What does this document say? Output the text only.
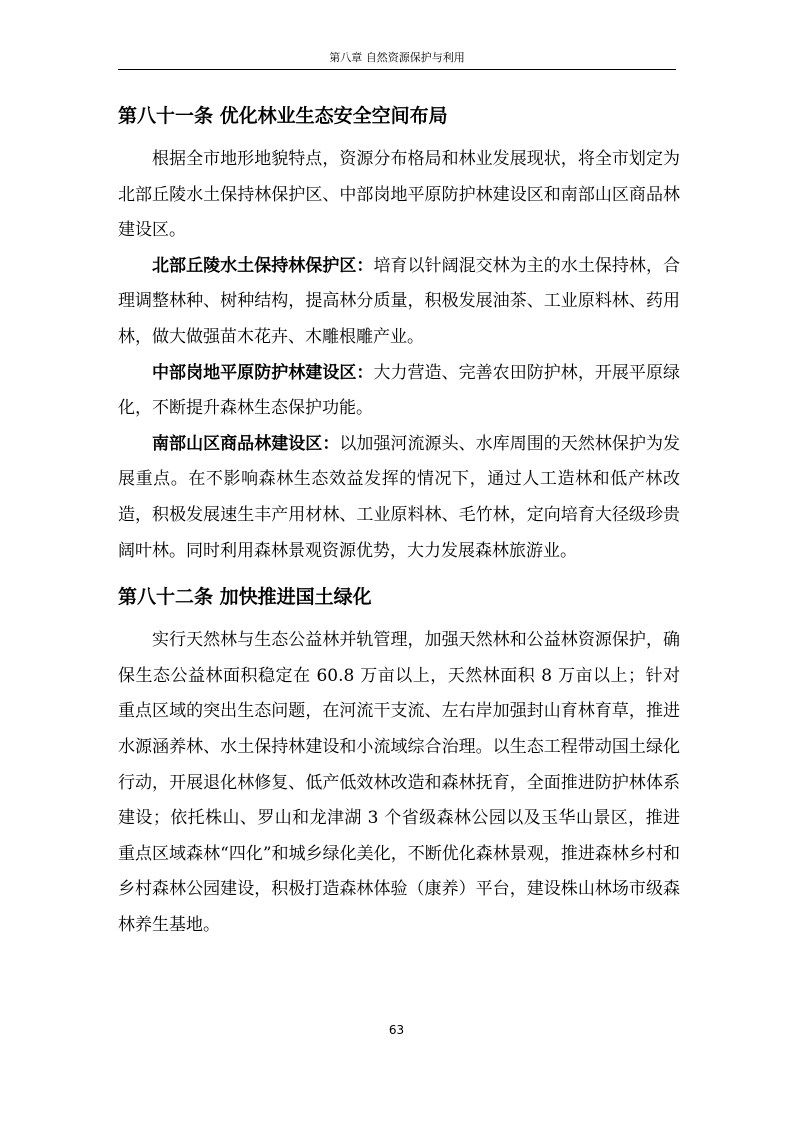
第八章 自然资源保护与利用
第八十一条 优化林业生态安全空间布局

根据全市地形地貌特点，资源分布格局和林业发展现状，将全市划定为北部丘陵水土保持林保护区、中部岗地平原防护林建设区和南部山区商品林建设区。

北部丘陵水土保持林保护区：培育以针阔混交林为主的水土保持林，合理调整林种、树种结构，提高林分质量，积极发展油茶、工业原料林、药用林，做大做强苗木花卉、木雕根雕产业。

中部岗地平原防护林建设区：大力营造、完善农田防护林，开展平原绿化，不断提升森林生态保护功能。

南部山区商品林建设区：以加强河流源头、水库周围的天然林保护为发展重点。在不影响森林生态效益发挥的情况下，通过人工造林和低产林改造，积极发展速生丰产用材林、工业原料林、毛竹林，定向培育大径级珍贵阔叶林。同时利用森林景观资源优势，大力发展森林旅游业。

第八十二条 加快推进国土绿化

实行天然林与生态公益林并轨管理，加强天然林和公益林资源保护，确保生态公益林面积稳定在 60.8 万亩以上，天然林面积 8 万亩以上；针对重点区域的突出生态问题，在河流干支流、左右岸加强封山育林育草，推进水源涵养林、水土保持林建设和小流域综合治理。以生态工程带动国土绿化行动，开展退化林修复、低产低效林改造和森林抚育，全面推进防护林体系建设；依托株山、罗山和龙津湖 3 个省级森林公园以及玉华山景区，推进重点区域森林“四化”和城乡绿化美化，不断优化森林景观，推进森林乡村和乡村森林公园建设，积极打造森林体验（康养）平台，建设株山林场市级森林养生基地。

63
